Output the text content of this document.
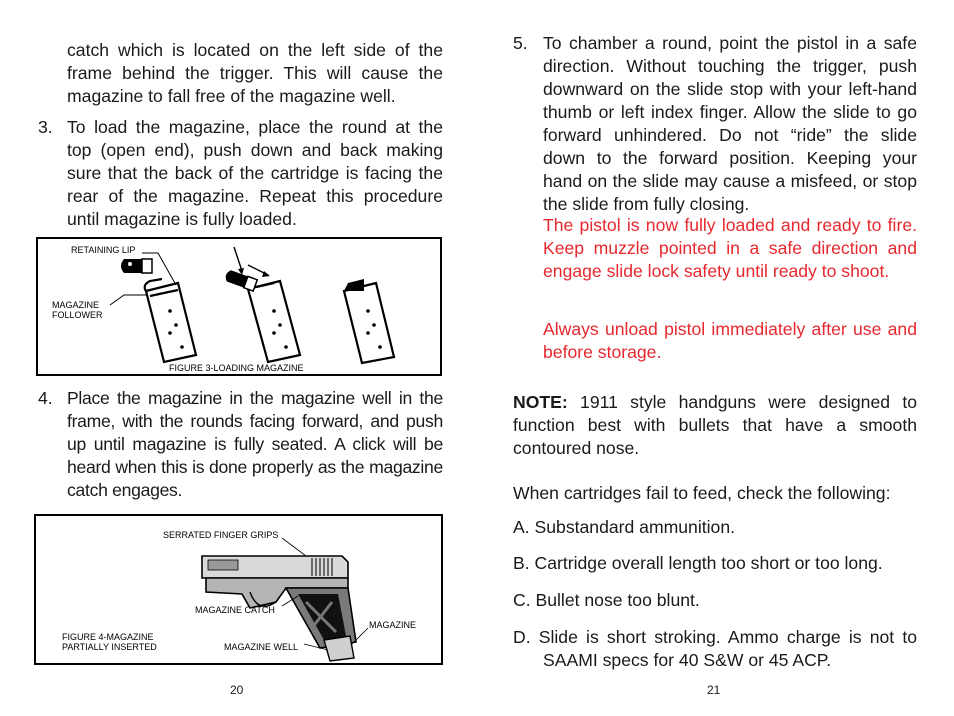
catch which is located on the left side of the frame behind the trigger. This will cause the magazine to fall free of the magazine well.
3. To load the magazine, place the round at the top (open end), push down and back making sure that the back of the cartridge is facing the rear of the magazine. Repeat this procedure until magazine is fully loaded.
RETAINING LIP
MAGAZINE
FOLLOWER
FIGURE 3-LOADING MAGAZINE
4. Place the magazine in the magazine well in the frame, with the rounds facing forward, and push up until magazine is fully seated. A click will be heard when this is done properly as the magazine catch engages.
SERRATED FINGER GRIPS
MAGAZINE CATCH
MAGAZINE
MAGAZINE WELL
FIGURE 4-MAGAZINE
PARTIALLY INSERTED
20
5. To chamber a round, point the pistol in a safe direction. Without touching the trigger, push downward on the slide stop with your left-hand thumb or left index finger. Allow the slide to go forward unhindered. Do not “ride” the slide down to the forward position. Keeping your hand on the slide may cause a misfeed, or stop the slide from fully closing.
The pistol is now fully loaded and ready to fire. Keep muzzle pointed in a safe direction and engage slide lock safety until ready to shoot.
Always unload pistol immediately after use and before storage.
NOTE: 1911 style handguns were designed to function best with bullets that have a smooth contoured nose.
When cartridges fail to feed, check the following:
A. Substandard ammunition.
B. Cartridge overall length too short or too long.
C. Bullet nose too blunt.
D. Slide is short stroking. Ammo charge is not to SAAMI specs for 40 S&W or 45 ACP.
21
